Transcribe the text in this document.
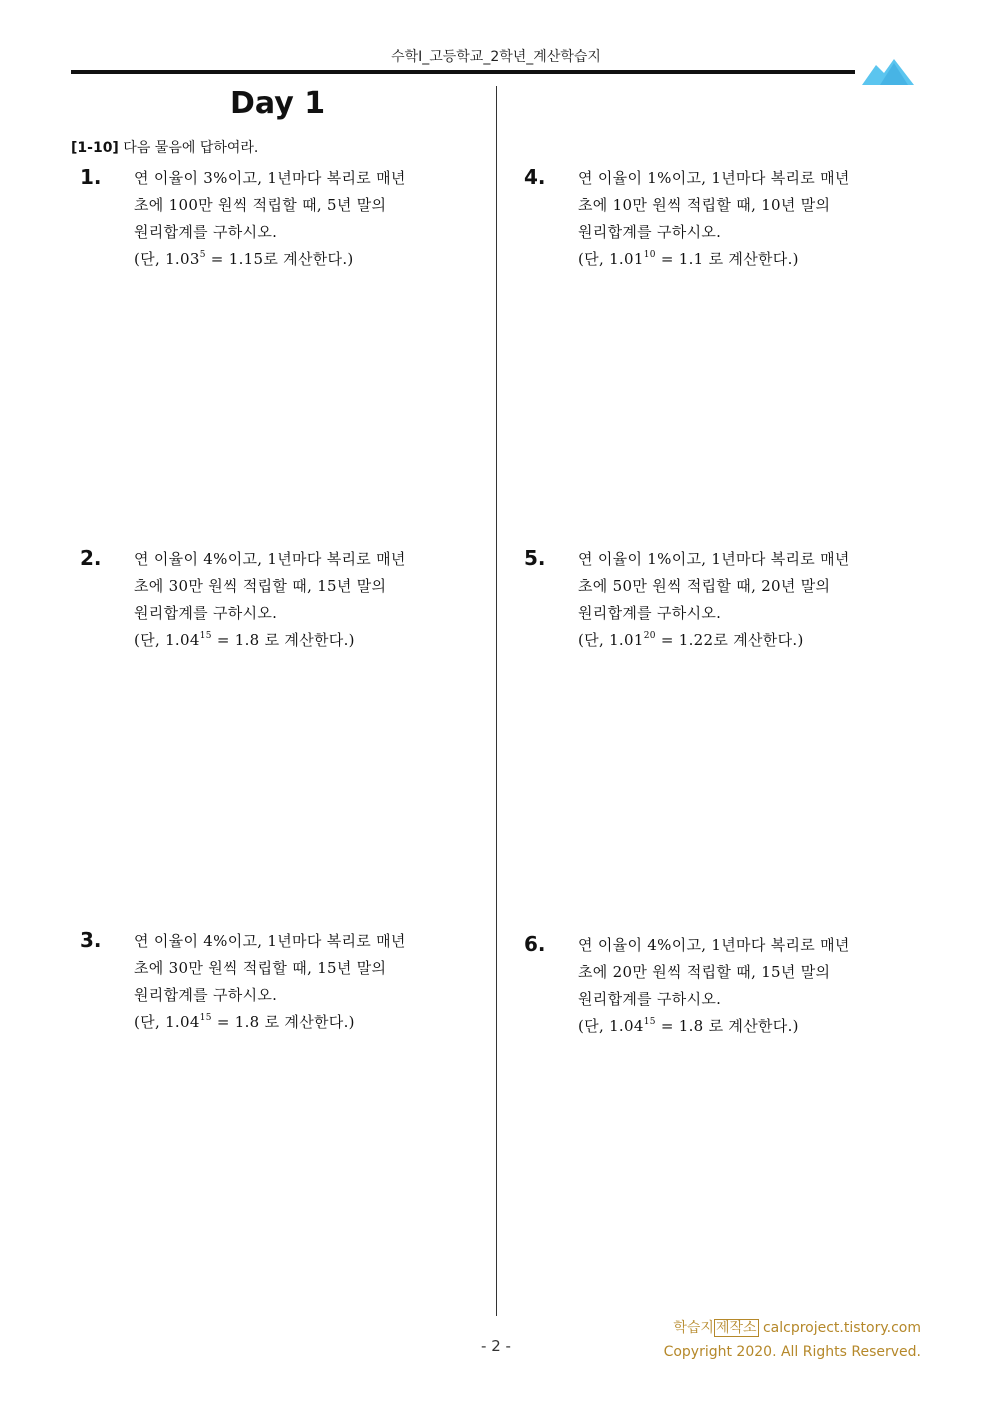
수학I_고등학교_2학년_계산학습지
Day 1
[1-10] 다음 물음에 답하여라.
1. 연 이율이 3%이고, 1년마다 복리로 매년
초에 100만 원씩 적립할 때, 5년 말의
원리합계를 구하시오.
(단, $1.03^5 = 1.15$로 계산한다.)
2. 연 이율이 4%이고, 1년마다 복리로 매년
초에 30만 원씩 적립할 때, 15년 말의
원리합계를 구하시오.
(단, $1.04^{15} = 1.8$ 로 계산한다.)
3. 연 이율이 4%이고, 1년마다 복리로 매년
초에 30만 원씩 적립할 때, 15년 말의
원리합계를 구하시오.
(단, $1.04^{15} = 1.8$ 로 계산한다.)
4. 연 이율이 1%이고, 1년마다 복리로 매년
초에 10만 원씩 적립할 때, 10년 말의
원리합계를 구하시오.
(단, $1.01^{10} = 1.1$ 로 계산한다.)
5. 연 이율이 1%이고, 1년마다 복리로 매년
초에 50만 원씩 적립할 때, 20년 말의
원리합계를 구하시오.
(단, $1.01^{20} = 1.22$로 계산한다.)
6. 연 이율이 4%이고, 1년마다 복리로 매년
초에 20만 원씩 적립할 때, 15년 말의
원리합계를 구하시오.
(단, $1.04^{15} = 1.8$ 로 계산한다.)
- 2 -
학습지 제작소 calcproject.tistory.com
Copyright 2020. All Rights Reserved.
